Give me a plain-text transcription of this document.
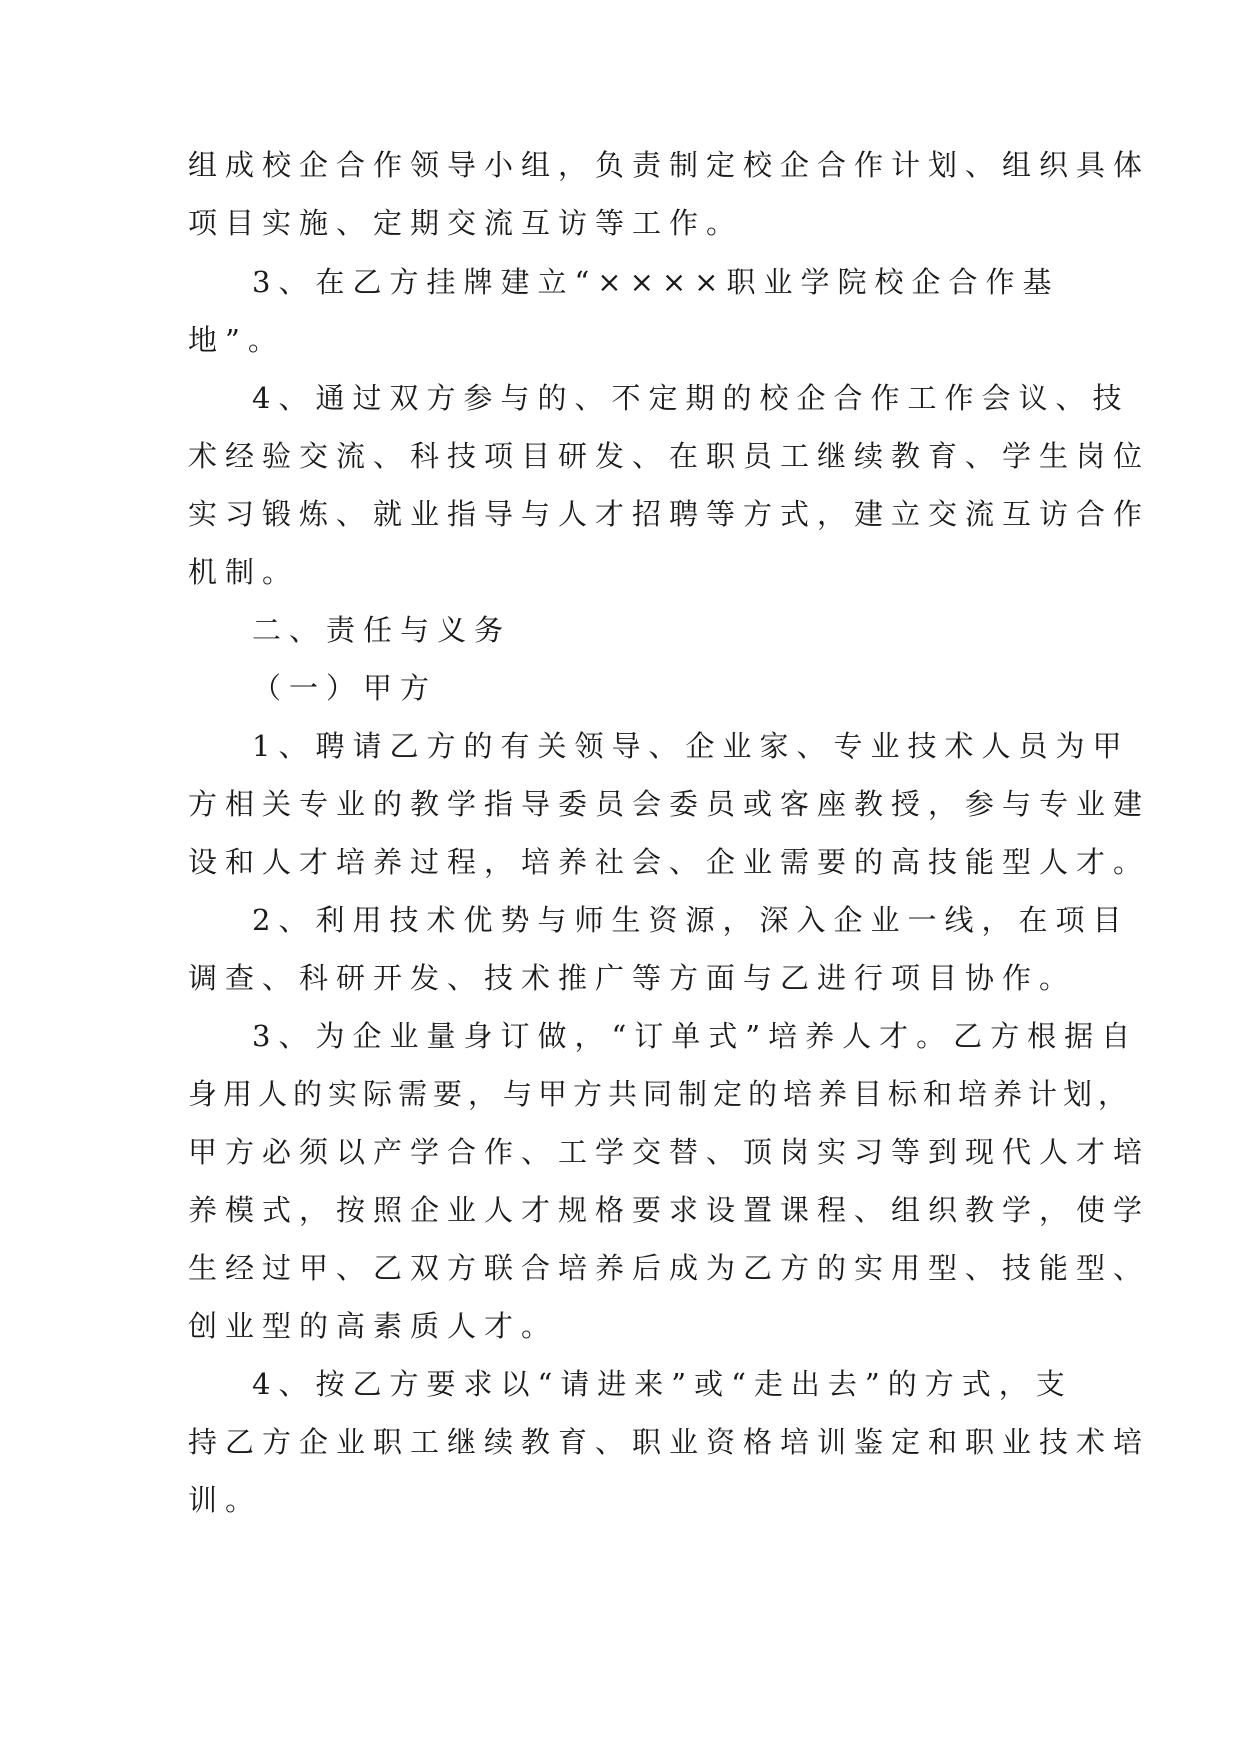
组成校企合作领导小组，负责制定校企合作计划、组织具体
项目实施、定期交流互访等工作。
3、在乙方挂牌建立“××××职业学院校企合作基
地”。
4、通过双方参与的、不定期的校企合作工作会议、技
术经验交流、科技项目研发、在职员工继续教育、学生岗位
实习锻炼、就业指导与人才招聘等方式，建立交流互访合作
机制。
二、责任与义务
（一）甲方
1、聘请乙方的有关领导、企业家、专业技术人员为甲
方相关专业的教学指导委员会委员或客座教授，参与专业建
设和人才培养过程，培养社会、企业需要的高技能型人才。
2、利用技术优势与师生资源，深入企业一线，在项目
调查、科研开发、技术推广等方面与乙进行项目协作。
3、为企业量身订做，“订单式”培养人才。乙方根据自
身用人的实际需要，与甲方共同制定的培养目标和培养计划，
甲方必须以产学合作、工学交替、顶岗实习等到现代人才培
养模式，按照企业人才规格要求设置课程、组织教学，使学
生经过甲、乙双方联合培养后成为乙方的实用型、技能型、
创业型的高素质人才。
4、按乙方要求以“请进来”或“走出去”的方式，支
持乙方企业职工继续教育、职业资格培训鉴定和职业技术培
训。
